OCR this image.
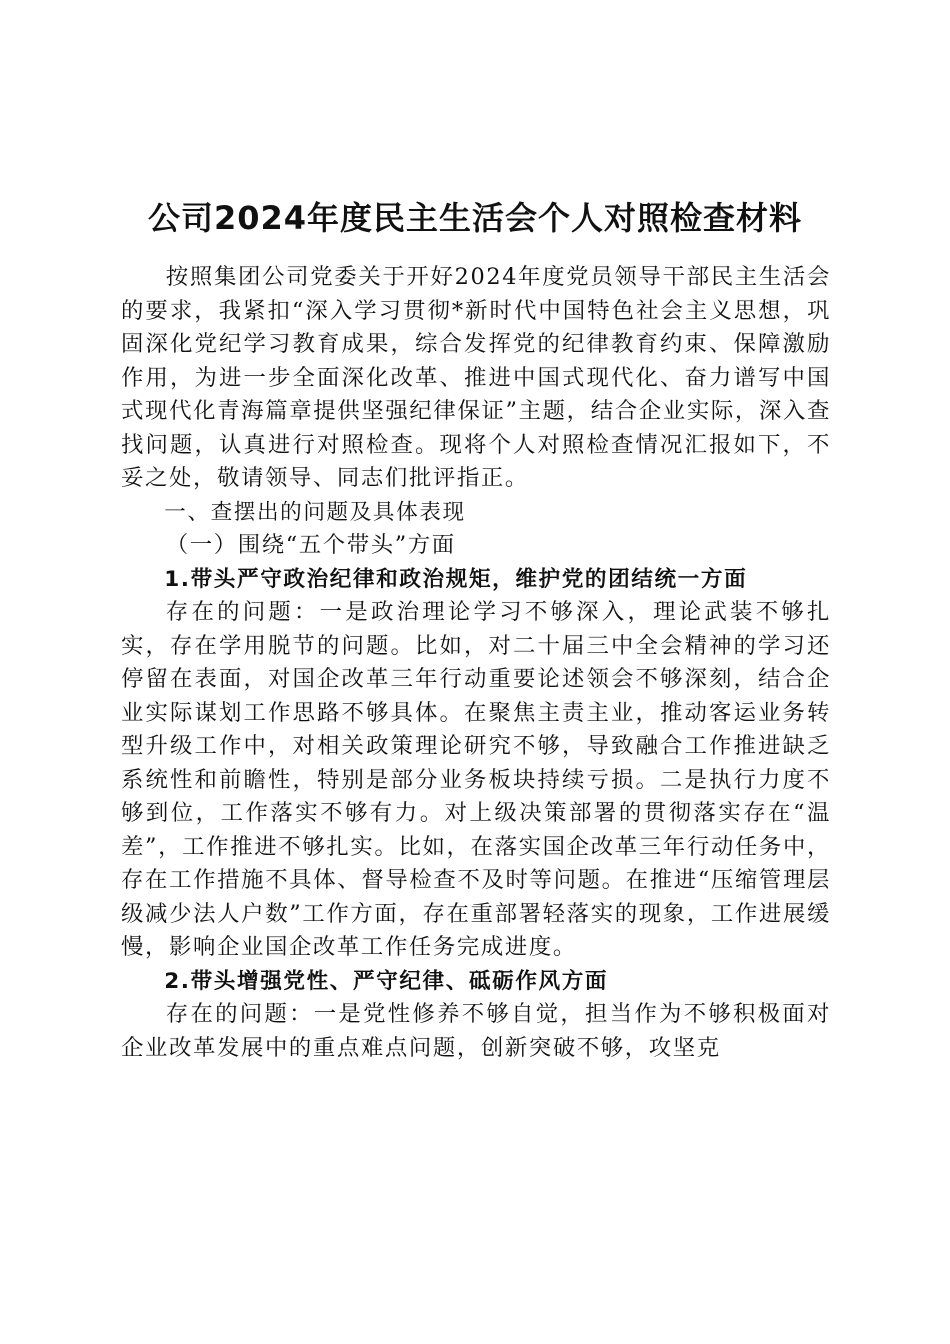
公司2024年度民主生活会个人对照检查材料

按照集团公司党委关于开好2024年度党员领导干部民主生活会的要求，我紧扣“深入学习贯彻*新时代中国特色社会主义思想，巩固深化党纪学习教育成果，综合发挥党的纪律教育约束、保障激励作用，为进一步全面深化改革、推进中国式现代化、奋力谱写中国式现代化青海篇章提供坚强纪律保证”主题，结合企业实际，深入查找问题，认真进行对照检查。现将个人对照检查情况汇报如下，不妥之处，敬请领导、同志们批评指正。

一、查摆出的问题及具体表现

（一）围绕“五个带头”方面

1.带头严守政治纪律和政治规矩，维护党的团结统一方面

存在的问题：一是政治理论学习不够深入，理论武装不够扎实，存在学用脱节的问题。比如，对二十届三中全会精神的学习还停留在表面，对国企改革三年行动重要论述领会不够深刻，结合企业实际谋划工作思路不够具体。在聚焦主责主业，推动客运业务转型升级工作中，对相关政策理论研究不够，导致融合工作推进缺乏系统性和前瞻性，特别是部分业务板块持续亏损。二是执行力度不够到位，工作落实不够有力。对上级决策部署的贯彻落实存在“温差”，工作推进不够扎实。比如，在落实国企改革三年行动任务中，存在工作措施不具体、督导检查不及时等问题。在推进“压缩管理层级减少法人户数”工作方面，存在重部署轻落实的现象，工作进展缓慢，影响企业国企改革工作任务完成进度。

2.带头增强党性、严守纪律、砥砺作风方面

存在的问题：一是党性修养不够自觉，担当作为不够积极面对企业改革发展中的重点难点问题，创新突破不够，攻坚克
